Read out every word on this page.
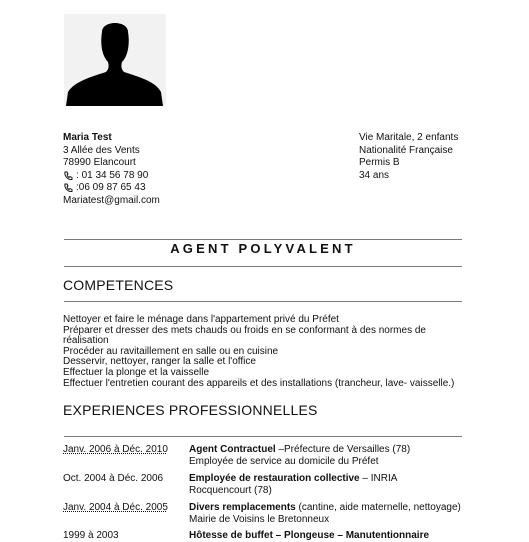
Maria Test
3 Allée des Vents
78990 Elancourt
:
01 34 56 78 90
: 06 09 87 65 43
Mariatest@gmail.com
Vie Maritale, 2 enfants
Nationalité Française
Permis B
34 ans
AGENT POLYVALENT
COMPETENCES
Nettoyer et faire le ménage dans l'appartement privé du Préfet
Préparer et dresser des mets chauds ou froids en se conformant à des normes de
réalisation
Procéder au ravitaillement en salle ou en cuisine
Desservir, nettoyer, ranger la salle et l'office
Effectuer la plonge et la vaisselle
Effectuer l'entretien courant des appareils et des installations (trancheur, lave- vaisselle.)
EXPERIENCES PROFESSIONNELLES
Janv. 2006 à Déc. 2010 Agent Contractuel –Préfecture de Versailles (78)
Employée de service au domicile du Préfet
Oct. 2004 à Déc. 2006	Employée de restauration collective – INRIA
Rocquencourt (78)
Janv. 2004 à Déc. 2005 Divers remplacements (cantine, aide maternelle, nettoyage)
Mairie de Voisins le Bretonneux
1999 à 2003	Hôtesse de buffet – Plongeuse – Manutentionnaire
